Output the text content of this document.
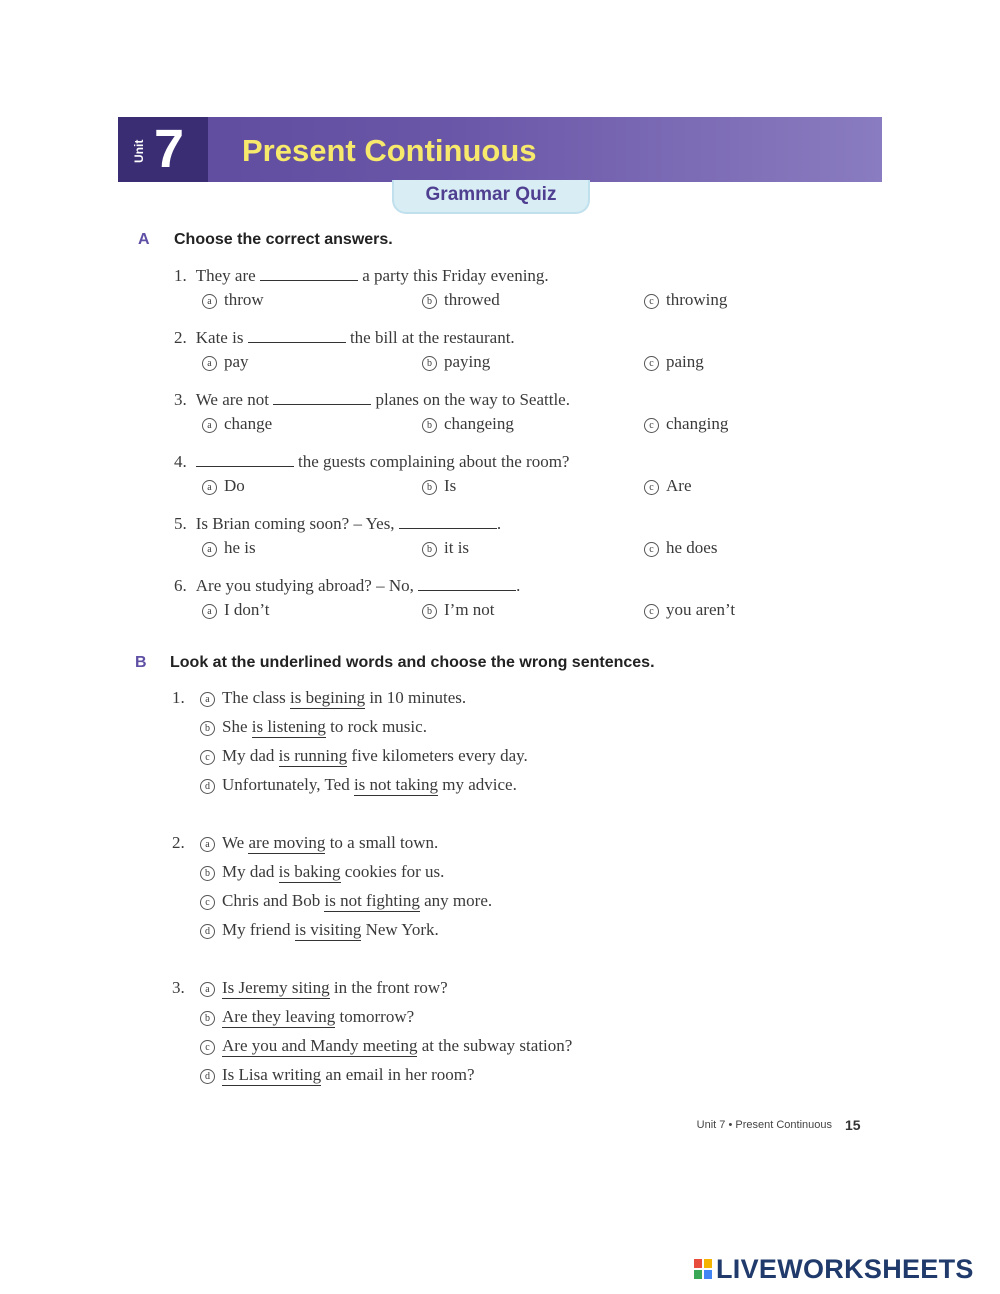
Unit 7 Present Continuous
Grammar Quiz
A Choose the correct answers.
1. They are	a party this Friday evening.
a throw	b throwed	c throwing
2. Kate is	the bill at the restaurant.
a pay	b paying	c paing
3. We are not	planes on the way to Seattle.
a change	b changeing	c changing
4.	the guests complaining about the room?
a Do	b Is	c Are
5. Is Brian coming soon? – Yes,	.
a he is	b it is	c he does
6. Are you studying abroad? – No,	.
a I don’t	b I’m not	c you aren’t
B Look at the underlined words and choose the wrong sentences.
1.	a The class is begining in 10 minutes.
b She is listening to rock music.
c My dad is running five kilometers every day.
d Unfortunately, Ted is not taking my advice.
2.	a We are moving to a small town.
b My dad is baking cookies for us.
c Chris and Bob is not fighting any more.
d My friend is visiting New York.
3.	a Is Jeremy siting in the front row?
b Are they leaving tomorrow?
c Are you and Mandy meeting at the subway station?
d Is Lisa writing an email in her room?
Unit 7 • Present Continuous 15
LIVEWORKSHEETS
